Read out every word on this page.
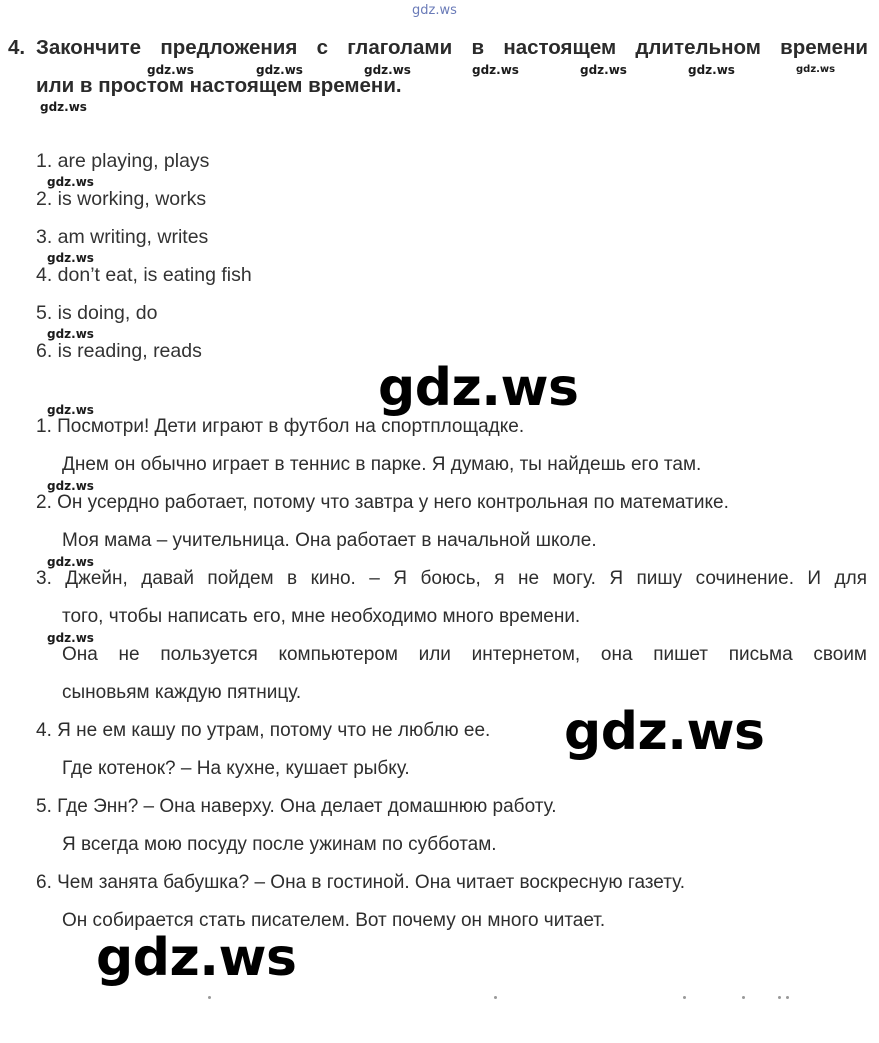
gdz.ws
4. Закончите предложения с глаголами в настоящем длительном времени
или в простом настоящем времени.
gdz.ws	gdz.ws	gdz.ws	gdz.ws	gdz.ws	gdz.ws	gdz.ws
gdz.ws
1. are playing, plays
gdz.ws
2. is working, works
3. am writing, writes
gdz.ws
4. don’t eat, is eating fish
5. is doing, do
gdz.ws
6. is reading, reads
gdz.ws
gdz.ws
1. Посмотри! Дети играют в футбол на спортплощадке.
Днем он обычно играет в теннис в парке. Я думаю, ты найдешь его там.
gdz.ws
2. Он усердно работает, потому что завтра у него контрольная по математике.
Моя мама – учительница. Она работает в начальной школе.
gdz.ws
3. Джейн, давай пойдем в кино. – Я боюсь, я не могу. Я пишу сочинение. И для
того, чтобы написать его, мне необходимо много времени.
gdz.ws
Она не пользуется компьютером или интернетом, она пишет письма своим
сыновьям каждую пятницу.
4. Я не ем кашу по утрам, потому что не люблю ее. gdz.ws
Где котенок? – На кухне, кушает рыбку.
5. Где Энн? – Она наверху. Она делает домашнюю работу.
Я всегда мою посуду после ужинам по субботам.
6. Чем занята бабушка? – Она в гостиной. Она читает воскресную газету.
Он собирается стать писателем. Вот почему он много читает.
gdz.ws
